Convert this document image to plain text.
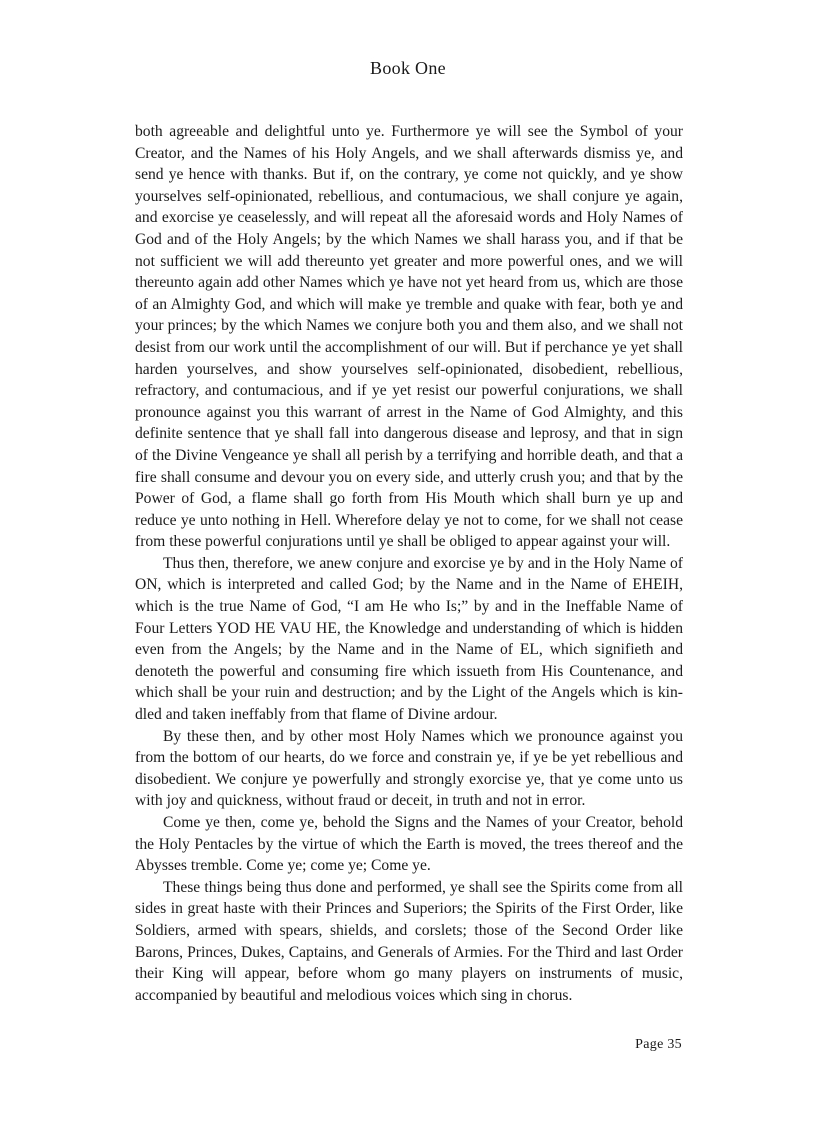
Book One

both agreeable and delightful unto ye. Furthermore ye will see the Symbol of your Creator, and the Names of his Holy Angels, and we shall afterwards dismiss ye, and send ye hence with thanks. But if, on the contrary, ye come not quickly, and ye show yourselves self-opinionated, rebellious, and contumacious, we shall conjure ye again, and exorcise ye ceaselessly, and will repeat all the aforesaid words and Holy Names of God and of the Holy Angels; by the which Names we shall harass you, and if that be not sufficient we will add thereunto yet greater and more powerful ones, and we will thereunto again add other Names which ye have not yet heard from us, which are those of an Almighty God, and which will make ye tremble and quake with fear, both ye and your princes; by the which Names we conjure both you and them also, and we shall not desist from our work until the accomplishment of our will. But if perchance ye yet shall harden yourselves, and show yourselves self-opinionated, disobedient, rebellious, refractory, and contumacious, and if ye yet resist our powerful conjurations, we shall pronounce against you this warrant of arrest in the Name of God Almighty, and this definite sentence that ye shall fall into dangerous disease and leprosy, and that in sign of the Divine Vengeance ye shall all perish by a terrifying and horrible death, and that a fire shall consume and devour you on every side, and utterly crush you; and that by the Power of God, a flame shall go forth from His Mouth which shall burn ye up and reduce ye unto nothing in Hell. Wherefore delay ye not to come, for we shall not cease from these powerful conjurations until ye shall be obliged to appear against your will.

Thus then, therefore, we anew conjure and exorcise ye by and in the Holy Name of ON, which is interpreted and called God; by the Name and in the Name of EHEIH, which is the true Name of God, “I am He who Is;” by and in the Ineffable Name of Four Letters YOD HE VAU HE, the Knowledge and understanding of which is hidden even from the Angels; by the Name and in the Name of EL, which signifieth and denoteth the powerful and consuming fire which issueth from His Countenance, and which shall be your ruin and destruction; and by the Light of the Angels which is kindled and taken ineffably from that flame of Divine ardour.

By these then, and by other most Holy Names which we pronounce against you from the bottom of our hearts, do we force and constrain ye, if ye be yet rebellious and disobedient. We conjure ye powerfully and strongly exorcise ye, that ye come unto us with joy and quickness, without fraud or deceit, in truth and not in error.

Come ye then, come ye, behold the Signs and the Names of your Creator, behold the Holy Pentacles by the virtue of which the Earth is moved, the trees thereof and the Abysses tremble. Come ye; come ye; Come ye.

These things being thus done and performed, ye shall see the Spirits come from all sides in great haste with their Princes and Superiors; the Spirits of the First Order, like Soldiers, armed with spears, shields, and corslets; those of the Second Order like Barons, Princes, Dukes, Captains, and Generals of Armies. For the Third and last Order their King will appear, before whom go many players on instruments of music, accompanied by beautiful and melodious voices which sing in chorus.

Page 35
